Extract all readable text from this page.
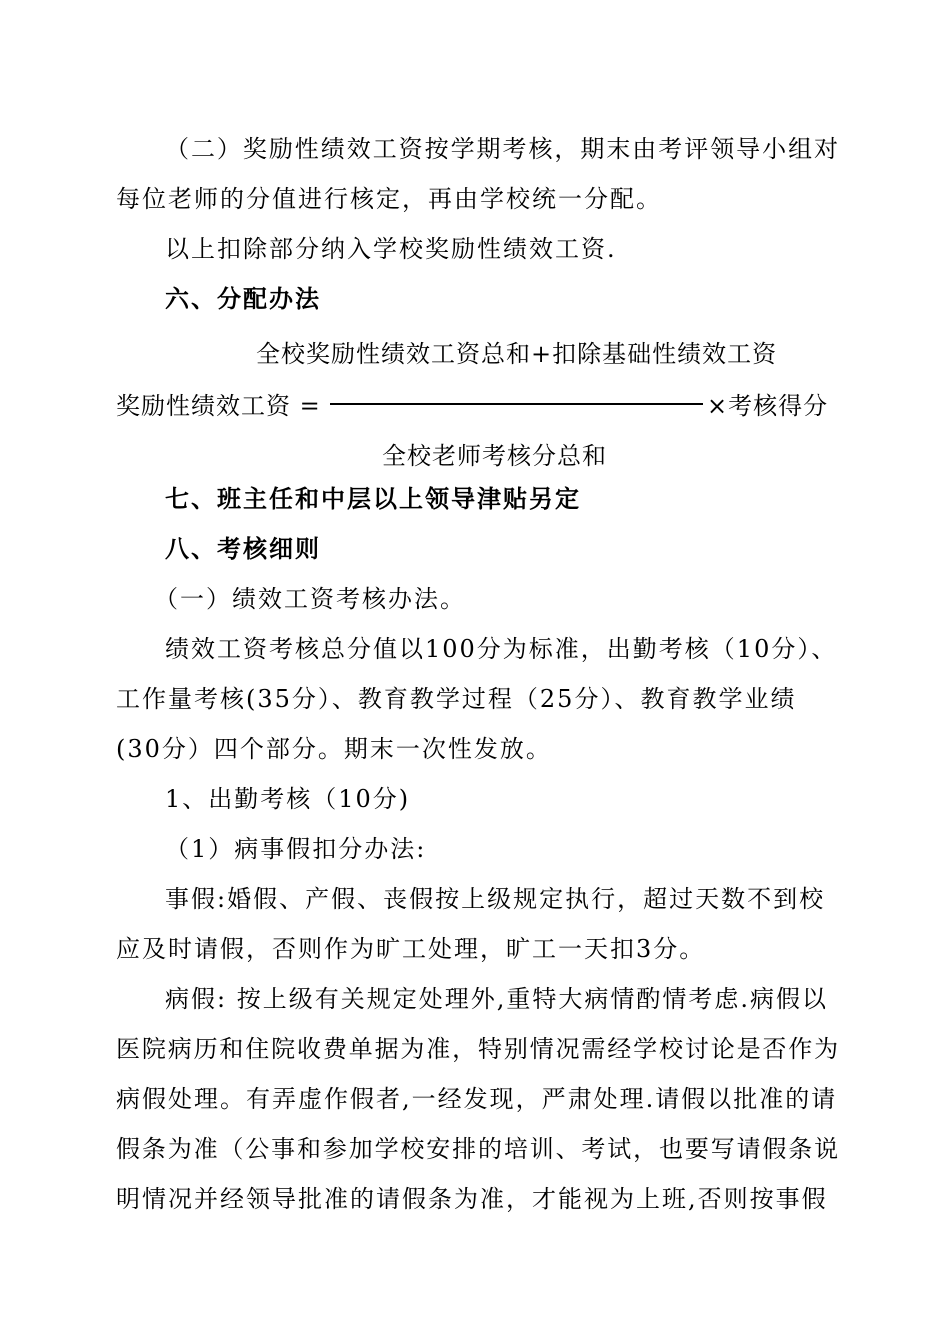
（二）奖励性绩效工资按学期考核，期末由考评领导小组对
每位老师的分值进行核定，再由学校统一分配。
以上扣除部分纳入学校奖励性绩效工资.
六、分配办法
全校奖励性绩效工资总和+扣除基础性绩效工资
奖励性绩效工资 =	×考核得分
全校老师考核分总和
七、班主任和中层以上领导津贴另定
八、考核细则
（一）绩效工资考核办法。
绩效工资考核总分值以100分为标准，出勤考核（10分）、
工作量考核(35分）、教育教学过程（25分）、教育教学业绩
(30分）四个部分。期末一次性发放。
1、出勤考核（10分)
（1）病事假扣分办法:
事假:婚假、产假、丧假按上级规定执行，超过天数不到校
应及时请假，否则作为旷工处理，旷工一天扣3分。
病假: 按上级有关规定处理外,重特大病情酌情考虑.病假以
医院病历和住院收费单据为准，特别情况需经学校讨论是否作为
病假处理。有弄虚作假者,一经发现，严肃处理.请假以批准的请
假条为准（公事和参加学校安排的培训、考试，也要写请假条说
明情况并经领导批准的请假条为准，才能视为上班,否则按事假
